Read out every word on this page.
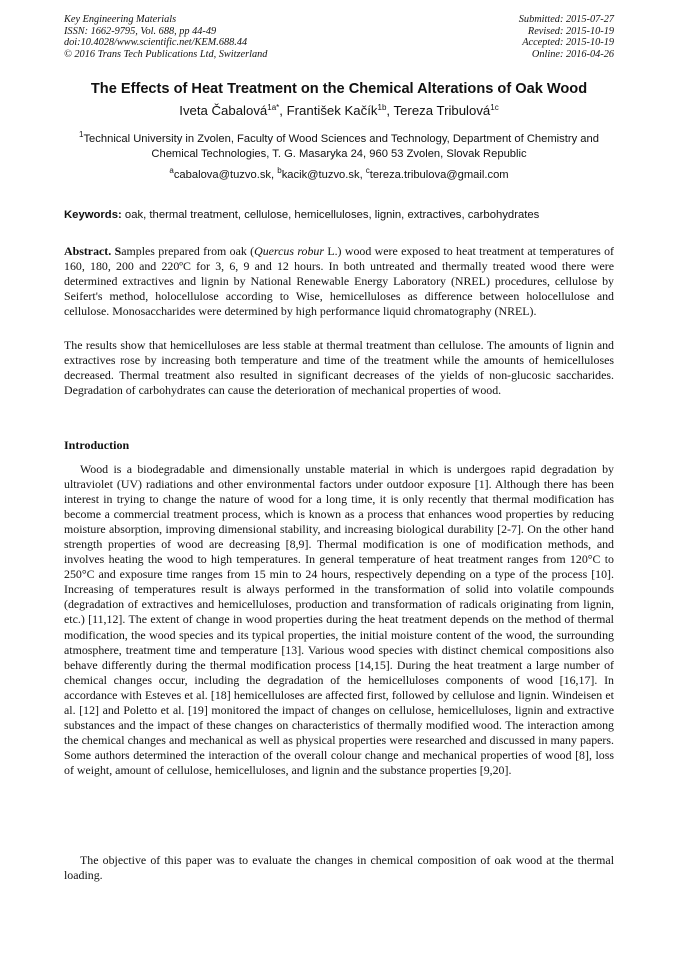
Key Engineering Materials
ISSN: 1662-9795, Vol. 688, pp 44-49
doi:10.4028/www.scientific.net/KEM.688.44
© 2016 Trans Tech Publications Ltd, Switzerland
Submitted: 2015-07-27
Revised: 2015-10-19
Accepted: 2015-10-19
Online: 2016-04-26
The Effects of Heat Treatment on the Chemical Alterations of Oak Wood
Iveta Čabalová$^{1a*}$, František Kačík$^{1b}$, Tereza Tribulová$^{1c}$
$^1$Technical University in Zvolen, Faculty of Wood Sciences and Technology, Department of Chemistry and Chemical Technologies, T. G. Masaryka 24, 960 53 Zvolen, Slovak Republic
$^a$cabalova@tuzvo.sk, $^b$kacik@tuzvo.sk, $^c$tereza.tribulova@gmail.com
Keywords: oak, thermal treatment, cellulose, hemicelluloses, lignin, extractives, carbohydrates

Abstract. Samples prepared from oak (Quercus robur L.) wood were exposed to heat treatment at temperatures of 160, 180, 200 and 220ºC for 3, 6, 9 and 12 hours. In both untreated and thermally treated wood there were determined extractives and lignin by National Renewable Energy Laboratory (NREL) procedures, cellulose by Seifert's method, holocellulose according to Wise, hemicelluloses as difference between holocellulose and cellulose. Monosaccharides were determined by high performance liquid chromatography (NREL).

The results show that hemicelluloses are less stable at thermal treatment than cellulose. The amounts of lignin and extractives rose by increasing both temperature and time of the treatment while the amounts of hemicelluloses decreased. Thermal treatment also resulted in significant decreases of the yields of non-glucosic saccharides. Degradation of carbohydrates can cause the deterioration of mechanical properties of wood.

Introduction

Wood is a biodegradable and dimensionally unstable material in which is undergoes rapid degradation by ultraviolet (UV) radiations and other environmental factors under outdoor exposure [1]. Although there has been interest in trying to change the nature of wood for a long time, it is only recently that thermal modification has become a commercial treatment process, which is known as a process that enhances wood properties by reducing moisture absorption, improving dimensional stability, and increasing biological durability [2-7]. On the other hand strength properties of wood are decreasing [8,9]. Thermal modification is one of modification methods, and involves heating the wood to high temperatures. In general temperature of heat treatment ranges from 120°C to 250°C and exposure time ranges from 15 min to 24 hours, respectively depending on a type of the process [10]. Increasing of temperatures result is always performed in the transformation of solid into volatile compounds (degradation of extractives and hemicelluloses, production and transformation of radicals originating from lignin, etc.) [11,12]. The extent of change in wood properties during the heat treatment depends on the method of thermal modification, the wood species and its typical properties, the initial moisture content of the wood, the surrounding atmosphere, treatment time and temperature [13]. Various wood species with distinct chemical compositions also behave differently during the thermal modification process [14,15]. During the heat treatment a large number of chemical changes occur, including the degradation of the hemicelluloses components of wood [16,17]. In accordance with Esteves et al. [18] hemicelluloses are affected first, followed by cellulose and lignin. Windeisen et al. [12] and Poletto et al. [19] monitored the impact of changes on cellulose, hemicelluloses, lignin and extractive substances and the impact of these changes on characteristics of thermally modified wood. The interaction among the chemical changes and mechanical as well as physical properties were researched and discussed in many papers. Some authors determined the interaction of the overall colour change and mechanical properties of wood [8], loss of weight, amount of cellulose, hemicelluloses, and lignin and the substance properties [9,20].

The objective of this paper was to evaluate the changes in chemical composition of oak wood at the thermal loading.
